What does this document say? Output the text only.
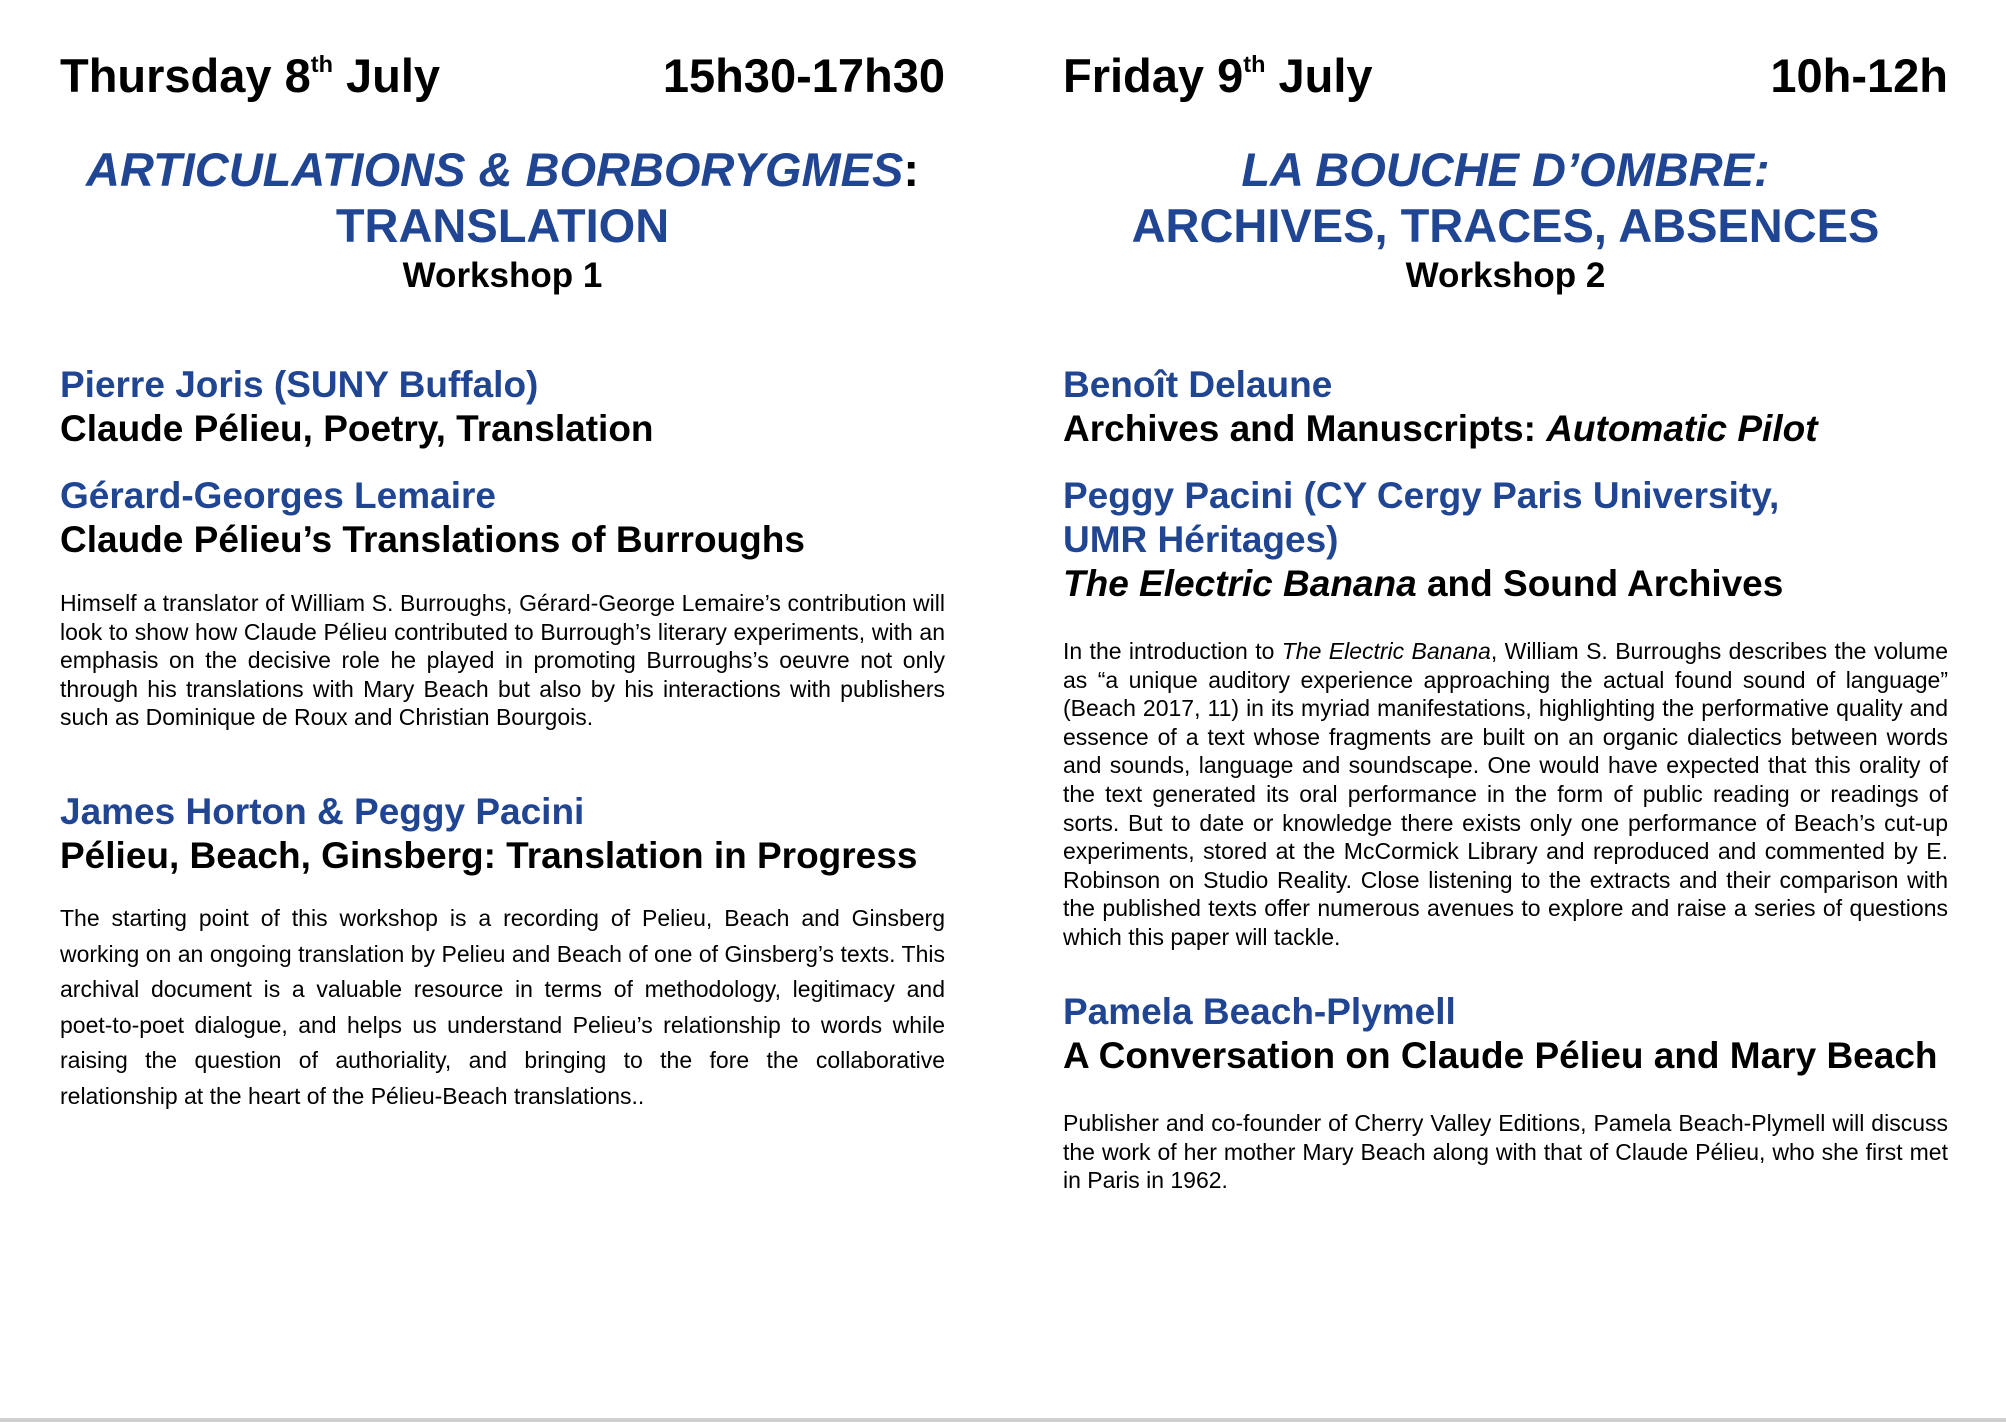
Thursday 8th July	15h30-17h30
ARTICULATIONS & BORBORYGMES:
TRANSLATION
Workshop 1
Pierre Joris (SUNY Buffalo)
Claude Pélieu, Poetry, Translation
Gérard-Georges Lemaire
Claude Pélieu’s Translations of Burroughs

Himself a translator of William S. Burroughs, Gérard-George Lemaire’s contribution will look to show how Claude Pélieu contributed to Burrough’s literary experiments, with an emphasis on the decisive role he played in promoting Burroughs’s oeuvre not only through his translations with Mary Beach but also by his interactions with publishers such as Dominique de Roux and Christian Bourgois.

James Horton & Peggy Pacini
Pélieu, Beach, Ginsberg: Translation in Progress

The starting point of this workshop is a recording of Pelieu, Beach and Ginsberg working on an ongoing translation by Pelieu and Beach of one of Ginsberg’s texts. This archival document is a valuable resource in terms of methodology, legitimacy and poet-to-poet dialogue, and helps us understand Pelieu’s relationship to words while raising the question of authoriality, and bringing to the fore the collaborative relationship at the heart of the Pélieu-Beach translations..

Friday 9th July	10h-12h
LA BOUCHE D’OMBRE:
ARCHIVES, TRACES, ABSENCES
Workshop 2
Benoît Delaune
Archives and Manuscripts: Automatic Pilot
Peggy Pacini (CY Cergy Paris University,
UMR Héritages)
The Electric Banana and Sound Archives

In the introduction to The Electric Banana, William S. Burroughs describes the volume as “a unique auditory experience approaching the actual found sound of language” (Beach 2017, 11) in its myriad manifestations, highlighting the performative quality and essence of a text whose fragments are built on an organic dialectics between words and sounds, language and soundscape. One would have expected that this orality of the text generated its oral performance in the form of public reading or readings of sorts. But to date or knowledge there exists only one performance of Beach’s cut-up experiments, stored at the McCormick Library and reproduced and commented by E. Robinson on Studio Reality. Close listening to the extracts and their comparison with the published texts offer numerous avenues to explore and raise a series of questions which this paper will tackle.

Pamela Beach-Plymell
A Conversation on Claude Pélieu and Mary Beach

Publisher and co-founder of Cherry Valley Editions, Pamela Beach-Plymell will discuss the work of her mother Mary Beach along with that of Claude Pélieu, who she first met in Paris in 1962.
